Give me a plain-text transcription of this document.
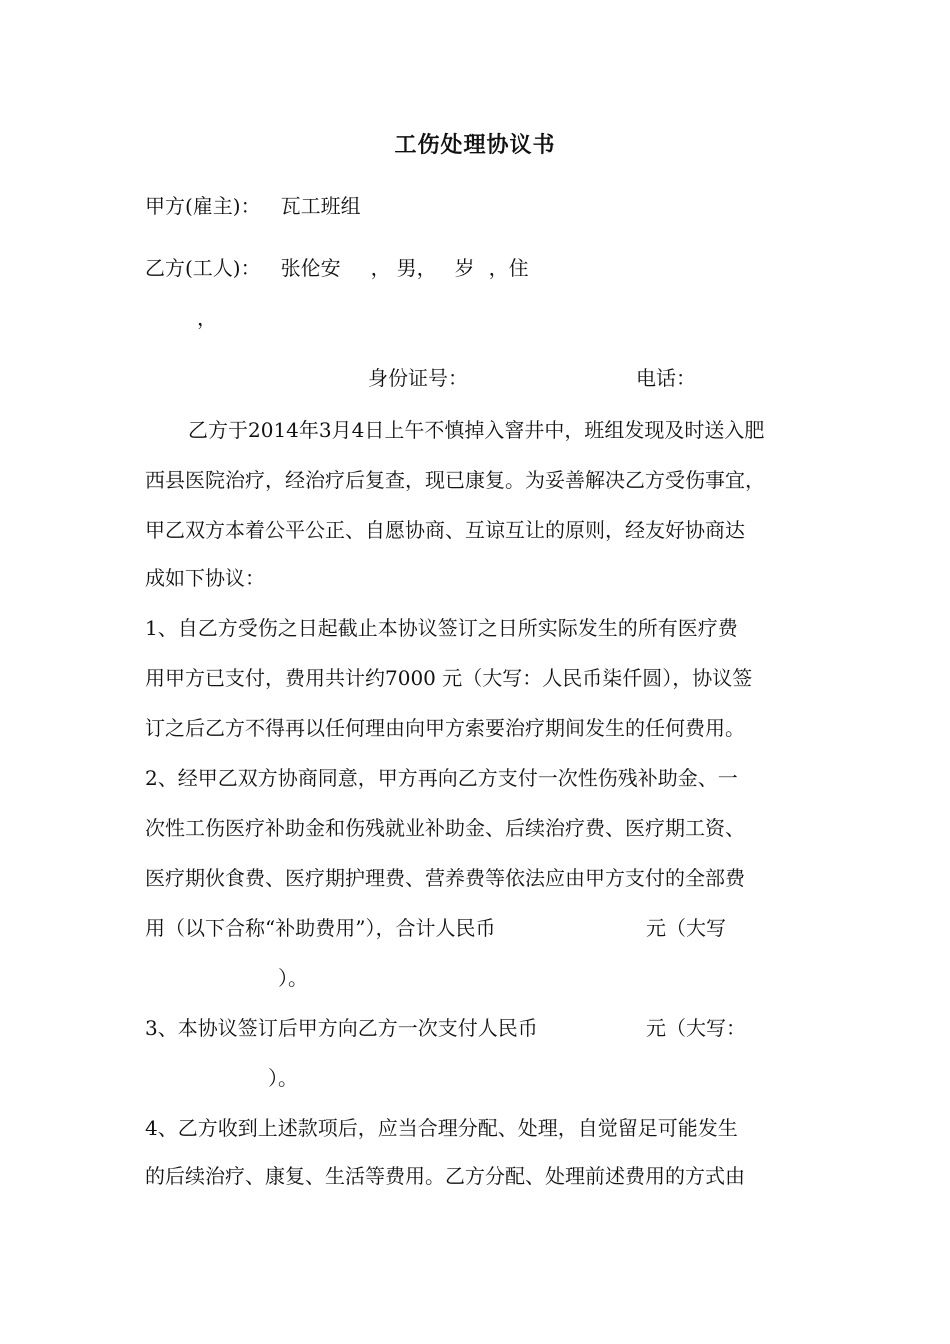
工伤处理协议书
甲方(雇主)： 瓦工班组
乙方(工人)： 张伦安 ， 男， 岁 ，住
，
身份证号：	电话：
乙方于2014年3月4日上午不慎掉入窨井中，班组发现及时送入肥
西县医院治疗，经治疗后复查，现已康复。为妥善解决乙方受伤事宜，
甲乙双方本着公平公正、自愿协商、互谅互让的原则，经友好协商达
成如下协议：
1、自乙方受伤之日起截止本协议签订之日所实际发生的所有医疗费
用甲方已支付，费用共计约7000 元（大写：人民币柒仟圆），协议签
订之后乙方不得再以任何理由向甲方索要治疗期间发生的任何费用。
2、经甲乙双方协商同意，甲方再向乙方支付一次性伤残补助金、一
次性工伤医疗补助金和伤残就业补助金、后续治疗费、医疗期工资、
医疗期伙食费、医疗期护理费、营养费等依法应由甲方支付的全部费
用（以下合称“补助费用”），合计人民币	元（大写
）。
3、本协议签订后甲方向乙方一次支付人民币	元（大写：
）。
4、乙方收到上述款项后，应当合理分配、处理，自觉留足可能发生
的后续治疗、康复、生活等费用。乙方分配、处理前述费用的方式由
